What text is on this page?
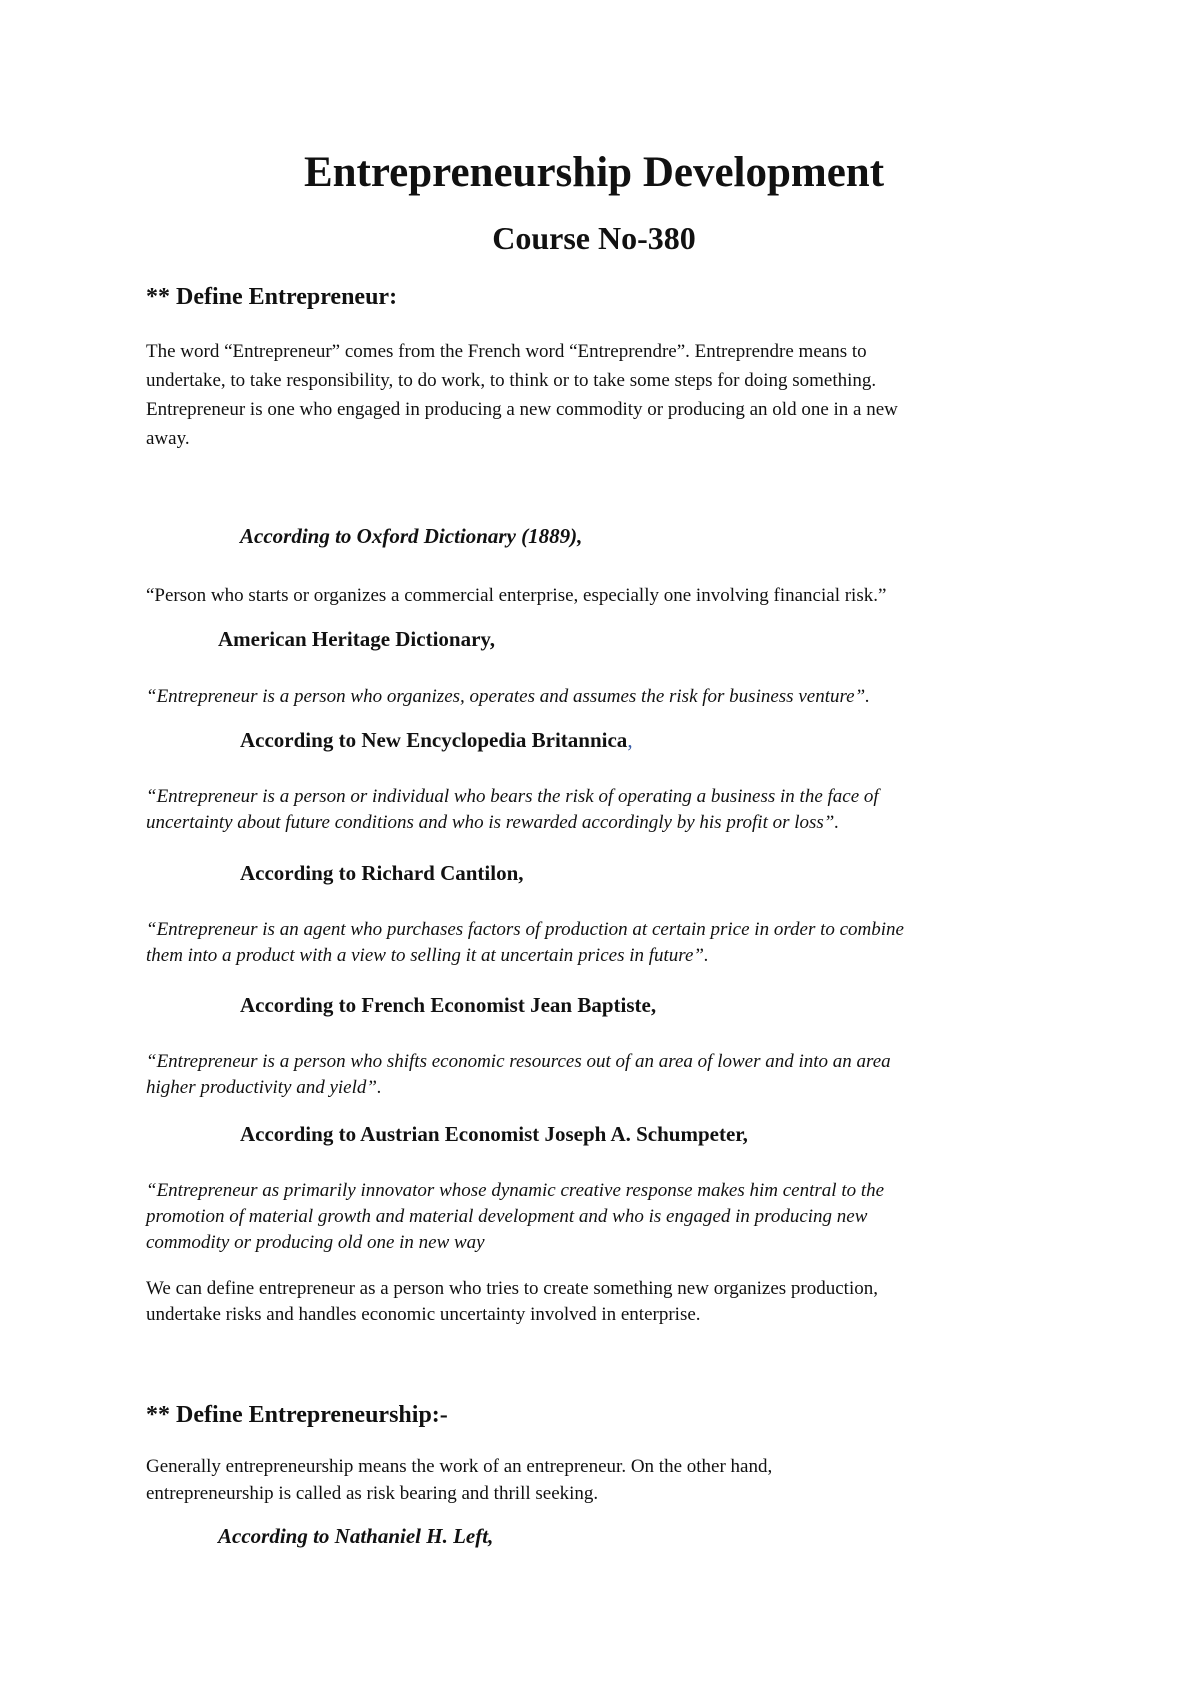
Entrepreneurship Development
Course No-380
** Define Entrepreneur:
The word “Entrepreneur” comes from the French word “Entreprendre”. Entreprendre means to
undertake, to take responsibility, to do work, to think or to take some steps for doing something.
Entrepreneur is one who engaged in producing a new commodity or producing an old one in a new
away.
According to Oxford Dictionary (1889),
“Person who starts or organizes a commercial enterprise, especially one involving financial risk.”
American Heritage Dictionary,
“Entrepreneur is a person who organizes, operates and assumes the risk for business venture”.
According to New Encyclopedia Britannica,
“Entrepreneur is a person or individual who bears the risk of operating a business in the face of
uncertainty about future conditions and who is rewarded accordingly by his profit or loss”.
According to Richard Cantilon,
“Entrepreneur is an agent who purchases factors of production at certain price in order to combine
them into a product with a view to selling it at uncertain prices in future”.
According to French Economist Jean Baptiste,
“Entrepreneur is a person who shifts economic resources out of an area of lower and into an area
higher productivity and yield”.
According to Austrian Economist Joseph A. Schumpeter,
“Entrepreneur as primarily innovator whose dynamic creative response makes him central to the
promotion of material growth and material development and who is engaged in producing new
commodity or producing old one in new way
We can define entrepreneur as a person who tries to create something new organizes production,
undertake risks and handles economic uncertainty involved in enterprise.
** Define Entrepreneurship:-
Generally entrepreneurship means the work of an entrepreneur. On the other hand,
entrepreneurship is called as risk bearing and thrill seeking.
According to Nathaniel H. Left,
